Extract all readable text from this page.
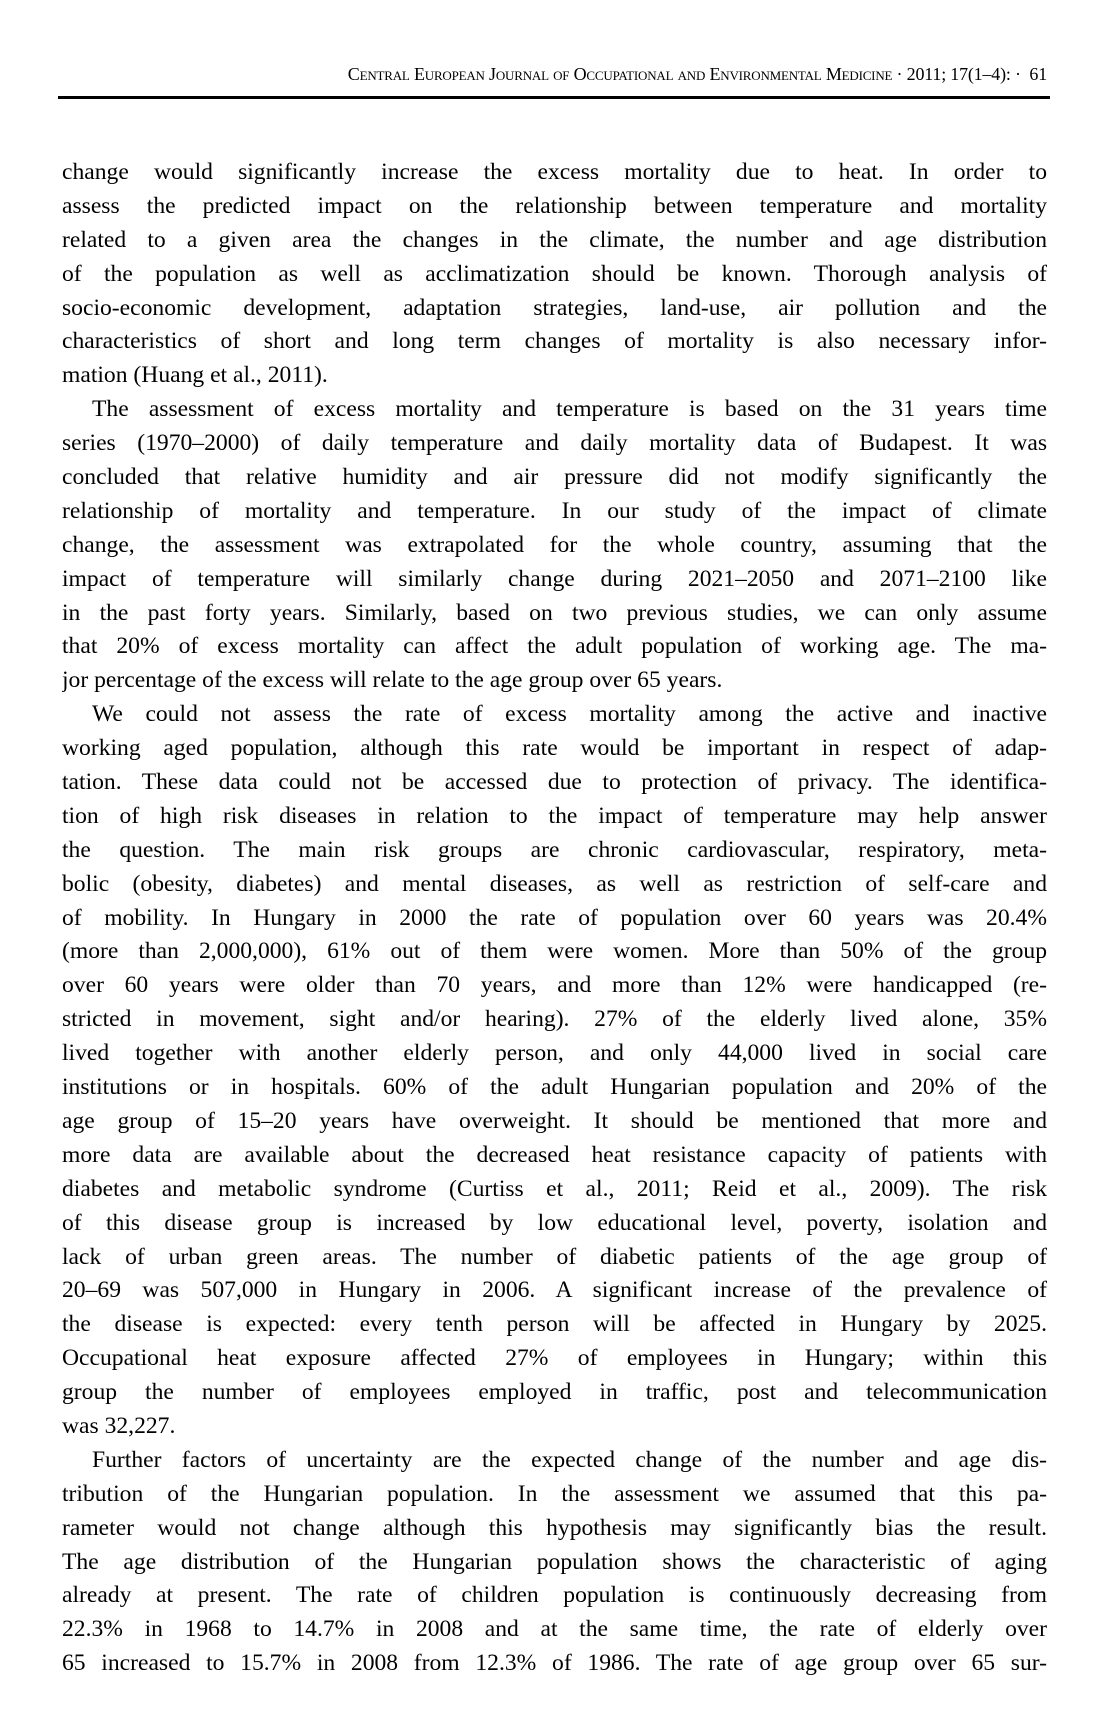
Central European Journal of Occupational and Environmental Medicine · 2011; 17(1–4): ·  61
change would significantly increase the excess mortality due to heat. In order to
assess the predicted impact on the relationship between temperature and mortality
related to a given area the changes in the climate, the number and age distribution
of the population as well as acclimatization should be known. Thorough analysis of
socio-economic development, adaptation strategies, land-use, air pollution and the
characteristics of short and long term changes of mortality is also necessary infor-
mation (Huang et al., 2011).
The assessment of excess mortality and temperature is based on the 31 years time
series (1970–2000) of daily temperature and daily mortality data of Budapest. It was
concluded that relative humidity and air pressure did not modify significantly the
relationship of mortality and temperature. In our study of the impact of climate
change, the assessment was extrapolated for the whole country, assuming that the
impact of temperature will similarly change during 2021–2050 and 2071–2100 like
in the past forty years. Similarly, based on two previous studies, we can only assume
that 20% of excess mortality can affect the adult population of working age. The ma-
jor percentage of the excess will relate to the age group over 65 years.
We could not assess the rate of excess mortality among the active and inactive
working aged population, although this rate would be important in respect of adap-
tation. These data could not be accessed due to protection of privacy. The identifica-
tion of high risk diseases in relation to the impact of temperature may help answer
the question. The main risk groups are chronic cardiovascular, respiratory, meta-
bolic (obesity, diabetes) and mental diseases, as well as restriction of self-care and
of mobility. In Hungary in 2000 the rate of population over 60 years was 20.4%
(more than 2,000,000), 61% out of them were women. More than 50% of the group
over 60 years were older than 70 years, and more than 12% were handicapped (re-
stricted in movement, sight and/or hearing). 27% of the elderly lived alone, 35%
lived together with another elderly person, and only 44,000 lived in social care
institutions or in hospitals. 60% of the adult Hungarian population and 20% of the
age group of 15–20 years have overweight. It should be mentioned that more and
more data are available about the decreased heat resistance capacity of patients with
diabetes and metabolic syndrome (Curtiss et al., 2011; Reid et al., 2009). The risk
of this disease group is increased by low educational level, poverty, isolation and
lack of urban green areas. The number of diabetic patients of the age group of
20–69 was 507,000 in Hungary in 2006. A significant increase of the prevalence of
the disease is expected: every tenth person will be affected in Hungary by 2025.
Occupational heat exposure affected 27% of employees in Hungary; within this
group the number of employees employed in traffic, post and telecommunication
was 32,227.
Further factors of uncertainty are the expected change of the number and age dis-
tribution of the Hungarian population. In the assessment we assumed that this pa-
rameter would not change although this hypothesis may significantly bias the result.
The age distribution of the Hungarian population shows the characteristic of aging
already at present. The rate of children population is continuously decreasing from
22.3% in 1968 to 14.7% in 2008 and at the same time, the rate of elderly over
65 increased to 15.7% in 2008 from 12.3% of 1986. The rate of age group over 65 sur-
